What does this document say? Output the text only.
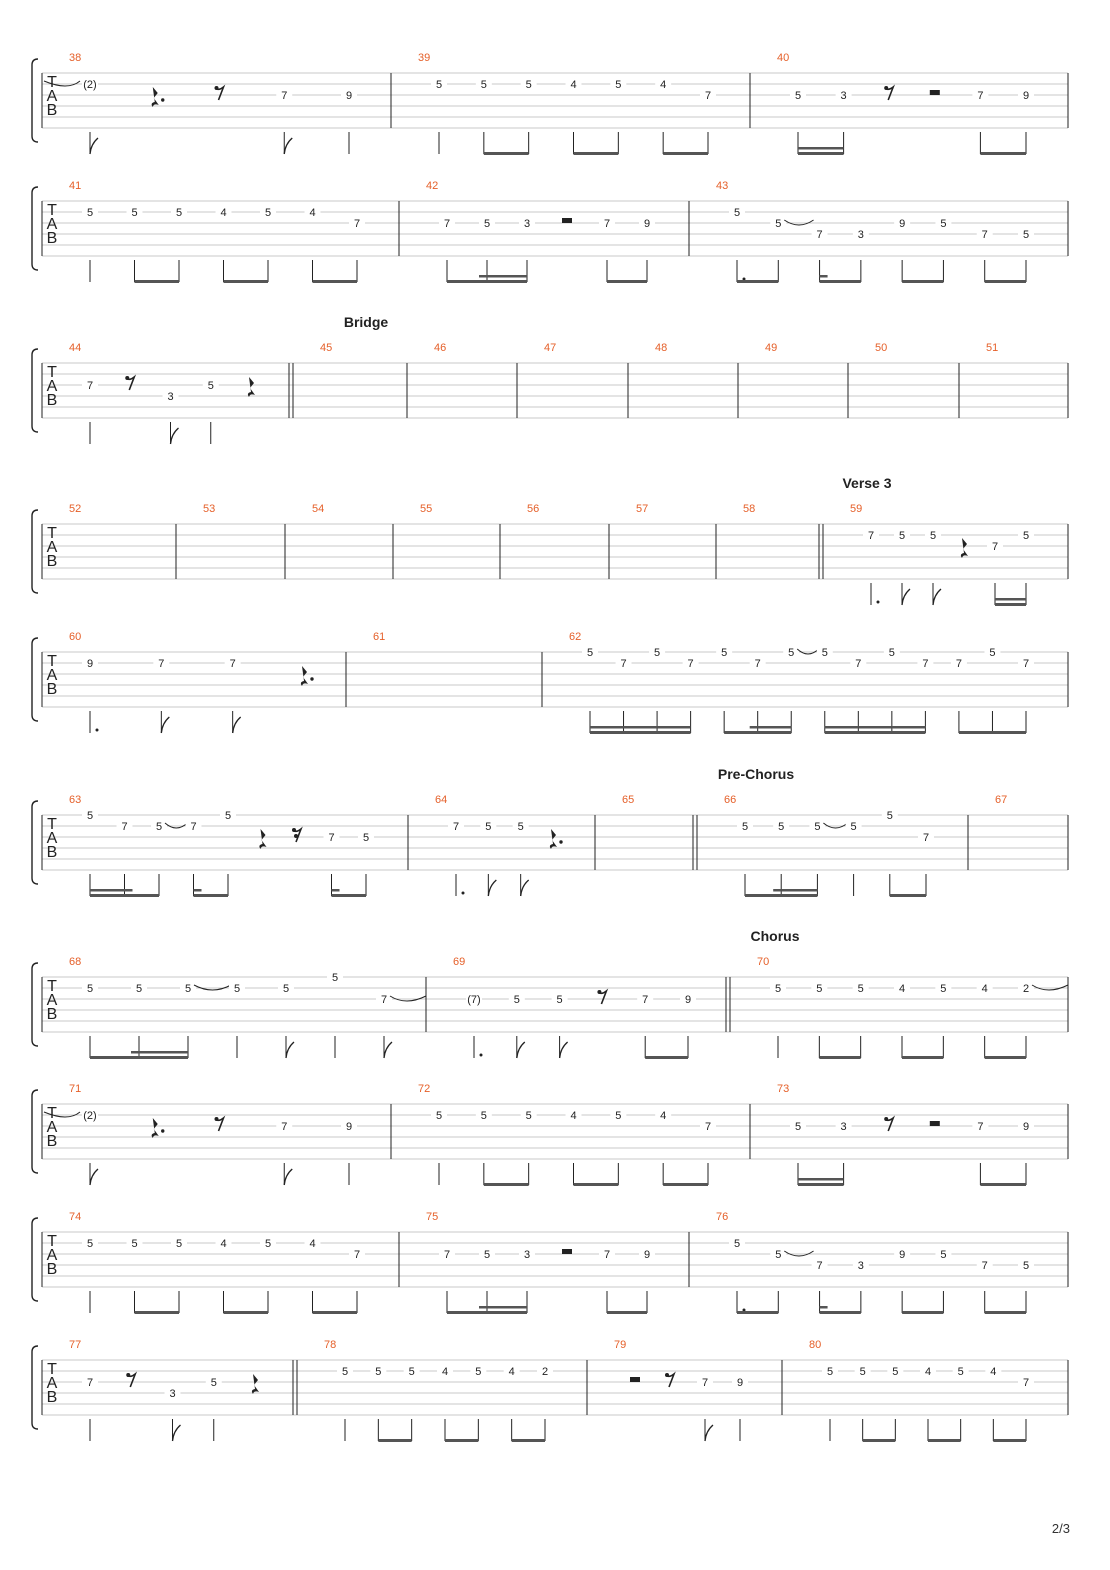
T
A
B
38
(2)
7	9
39
5	5	5	4	5	4
7
40
5	3	7	9
T
A
B
41
5	5	5	4	5	4
7
42
7	5	3	7	9
43
5
5
7	3
9	5
7	5
T
A
B
44
7
3
5
45
Bridge
46	47	48	49	50	51
T
A
B
52	53	54	55	56	57	58	59
Verse 3
7 5 5
7
5
T
A
B
60
9	7	7
61	62
5
7
5
7
5
7
5 5
7
5
7 7
5
7
T
A
B
63
5
7	5	7
5
7	5
64
7 5 5
65	66
Pre-Chorus
5	5	5	5
5
7
67
T
A
B
68
5	5	5	5	5
5
7
69
(7)	5	5	7	9
70
Chorus
5	5	5	4	5	4	2
T
A
B
71
(2)
7	9
72
5	5	5	4	5	4
7
73
5	3	7	9
T
A
B
74
5	5	5	4	5	4
7
75
7	5	3	7	9
76
5
5
7	3
9	5
7	5
T
A
B
77
7
3
5
78
5 5 5 4 5 4 2
79
7	9
80
5 5 5 4 5 4
7
2/3
